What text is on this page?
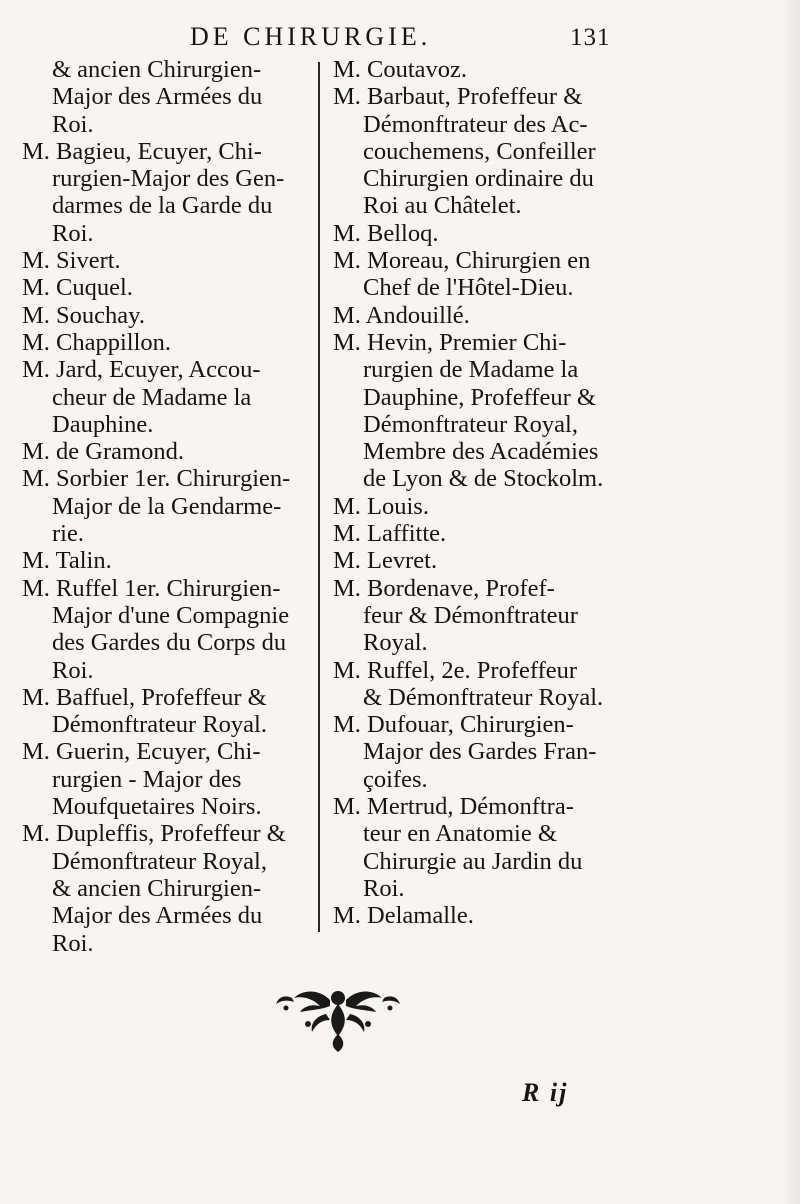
DE CHIRURGIE.	131
& ancien Chirurgien-
Major des Armées du
Roi.
M. Bagieu, Ecuyer, Chi-
rurgien-Major des Gen-
darmes de la Garde du
Roi.
M. Sivert.
M. Cuquel.
M. Souchay.
M. Chappillon.
M. Jard, Ecuyer, Accou-
cheur de Madame la
Dauphine.
M. de Gramond.
M. Sorbier 1er. Chirurgien-
Major de la Gendarme-
rie.
M. Talin.
M. Ruffel 1er. Chirurgien-
Major d'une Compagnie
des Gardes du Corps du
Roi.
M. Baffuel, Profeffeur &
Démonftrateur Royal.
M. Guerin, Ecuyer, Chi-
rurgien - Major des
Moufquetaires Noirs.
M. Dupleffis, Profeffeur &
Démonftrateur Royal,
& ancien Chirurgien-
Major des Armées du
Roi.
M. Coutavoz.
M. Barbaut, Profeffeur &
Démonftrateur des Ac-
couchemens, Confeiller
Chirurgien ordinaire du
Roi au Châtelet.
M. Belloq.
M. Moreau, Chirurgien en
Chef de l'Hôtel-Dieu.
M. Andouillé.
M. Hevin, Premier Chi-
rurgien de Madame la
Dauphine, Profeffeur &
Démonftrateur Royal,
Membre des Académies
de Lyon & de Stockolm.
M. Louis.
M. Laffitte.
M. Levret.
M. Bordenave, Profef-
feur & Démonftrateur
Royal.
M. Ruffel, 2e. Profeffeur
& Démonftrateur Royal.
M. Dufouar, Chirurgien-
Major des Gardes Fran-
çoifes.
M. Mertrud, Démonftra-
teur en Anatomie &
Chirurgie au Jardin du
Roi.
M. Delamalle.
R ij
